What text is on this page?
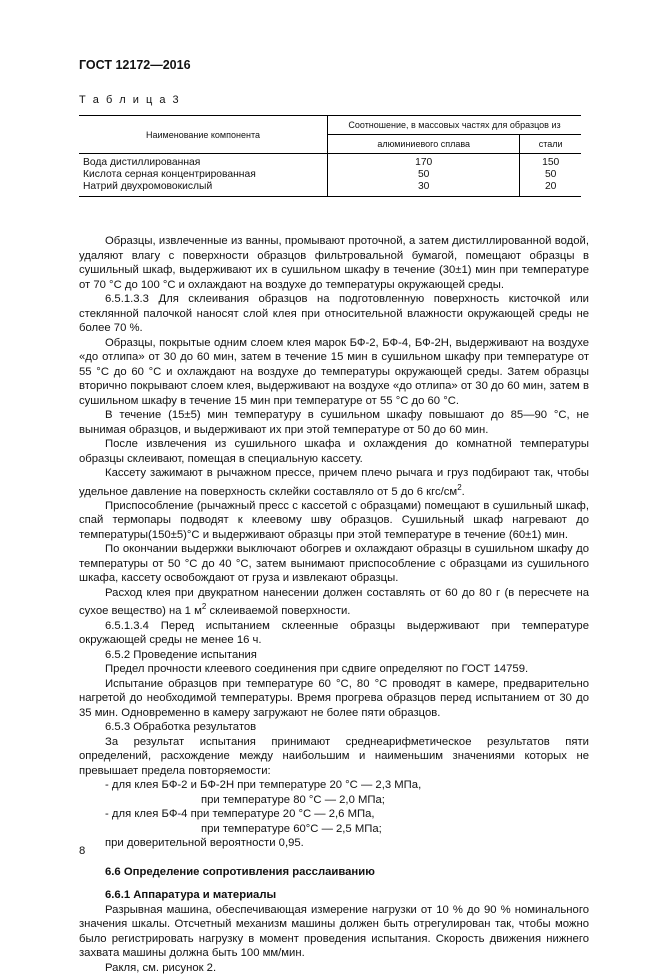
ГОСТ 12172—2016
Т а б л и ц а 3
Наименование компонента	Соотношение, в массовых частях для образцов из	
	алюминиевого сплава	стали
Вода дистиллированная	170	150
Кислота серная концентрированная	50	50
Натрий двухромовокислый	30	20

Образцы, извлеченные из ванны, промывают проточной, а затем дистиллированной водой, удаляют влагу с поверхности образцов фильтровальной бумагой, помещают образцы в сушильный шкаф, выдерживают их в сушильном шкафу в течение (30±1) мин при температуре от 70 °С до 100 °С и охлаждают на воздухе до температуры окружающей среды.

6.5.1.3.3 Для склеивания образцов на подготовленную поверхность кисточкой или стеклянной палочкой наносят слой клея при относительной влажности окружающей среды не более 70 %.

Образцы, покрытые одним слоем клея марок БФ-2, БФ-4, БФ-2Н, выдерживают на воздухе «до отлипа» от 30 до 60 мин, затем в течение 15 мин в сушильном шкафу при температуре от 55 °С до 60 °С и охлаждают на воздухе до температуры окружающей среды. Затем образцы вторично покрывают слоем клея, выдерживают на воздухе «до отлипа» от 30 до 60 мин, затем в сушильном шкафу в течение 15 мин при температуре от 55 °С до 60 °С.

В течение (15±5) мин температуру в сушильном шкафу повышают до 85—90 °С, не вынимая образцов, и выдерживают их при этой температуре от 50 до 60 мин.

После извлечения из сушильного шкафа и охлаждения до комнатной температуры образцы склеивают, помещая в специальную кассету.

Кассету зажимают в рычажном прессе, причем плечо рычага и груз подбирают так, чтобы удельное давление на поверхность склейки составляло от 5 до 6 кгс/$см^2$.

Приспособление (рычажный пресс с кассетой с образцами) помещают в сушильный шкаф, спай термопары подводят к клеевому шву образцов. Сушильный шкаф нагревают до температуры(150±5)°С и выдерживают образцы при этой температуре в течение (60±1) мин.

По окончании выдержки выключают обогрев и охлаждают образцы в сушильном шкафу до температуры от 50 °С до 40 °С, затем вынимают приспособление с образцами из сушильного шкафа, кассету освобождают от груза и извлекают образцы.

Расход клея при двукратном нанесении должен составлять от 60 до 80 г (в пересчете на сухое вещество) на 1 $м^2$ склеиваемой поверхности.

6.5.1.3.4 Перед испытанием склеенные образцы выдерживают при температуре окружающей среды не менее 16 ч.

6.5.2 Проведение испытания

Предел прочности клеевого соединения при сдвиге определяют по ГОСТ 14759.

Испытание образцов при температуре 60 °С, 80 °С проводят в камере, предварительно нагретой до необходимой температуры. Время прогрева образцов перед испытанием от 30 до 35 мин. Одновременно в камеру загружают не более пяти образцов.

6.5.3 Обработка результатов

За результат испытания принимают среднеарифметическое результатов пяти определений, расхождение между наибольшим и наименьшим значениями которых не превышает предела повторяемости:

- для клея БФ-2 и БФ-2Н при температуре 20 °С — 2,3 МПа,

при температуре 80 °С — 2,0 МПа;

- для клея БФ-4 при температуре 20 °С — 2,6 МПа,

при температуре 60°С — 2,5 МПа;

при доверительной вероятности 0,95.

6.6 Определение сопротивления расслаиванию

6.6.1 Аппаратура и материалы

Разрывная машина, обеспечивающая измерение нагрузки от 10 % до 90 % номинального значения шкалы. Отсчетный механизм машины должен быть отрегулирован так, чтобы можно было регистрировать нагрузку в момент проведения испытания. Скорость движения нижнего захвата машины должна быть 100 мм/мин.

Ракля, см. рисунок 2.

8
